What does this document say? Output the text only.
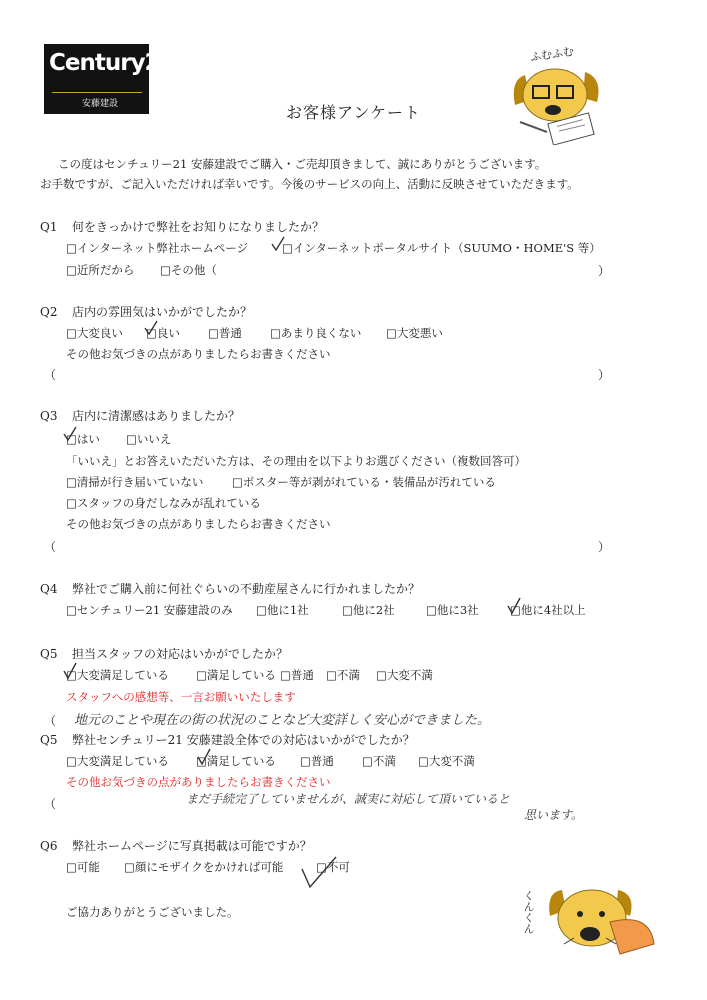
Century21
安藤建設
ふむふむ
お客様アンケート
この度はセンチュリー21 安藤建設でご購入・ご売却頂きまして、誠にありがとうございます。
お手数ですが、ご記入いただければ幸いです。今後のサービスの向上、活動に反映させていただきます。
Q1 何をきっかけで弊社をお知りになりましたか？
□インターネット弊社ホームページ	□インターネットポータルサイト（SUUMO・HOME'S 等）
□近所だから □その他（	）
Q2 店内の雰囲気はいかがでしたか？
□大変良い □良い □普通 □あまり良くない □大変悪い
その他お気づきの点がありましたらお書きください
（	）
Q3 店内に清潔感はありましたか？
□はい □いいえ
「いいえ」とお答えいただいた方は、その理由を以下よりお選びください（複数回答可）
□清掃が行き届いていない □ポスター等が剥がれている・装備品が汚れている
□スタッフの身だしなみが乱れている
その他お気づきの点がありましたらお書きください
（	）
Q4 弊社でご購入前に何社ぐらいの不動産屋さんに行かれましたか？
□センチュリー21 安藤建設のみ □他に1社	□他に2社	□他に3社	□他に4社以上
Q5 担当スタッフの対応はいかがでしたか？
□大変満足している □満足している □普通 □不満 □大変不満
スタッフへの感想等、一言お願いいたします
（ 地元のことや現在の街の状況のことなど大変詳しく安心ができました。
Q5 弊社センチュリー21 安藤建設全体での対応はいかがでしたか？
□大変満足している □満足している □普通 □不満 □大変不満
その他お気づきの点がありましたらお書きください
（	まだ手続完了していませんが、誠実に対応して頂いていると
思います。
Q6 弊社ホームページに写真掲載は可能ですか？
□可能 □顔にモザイクをかければ可能	□不可
ご協力ありがとうございました。	くんくん
